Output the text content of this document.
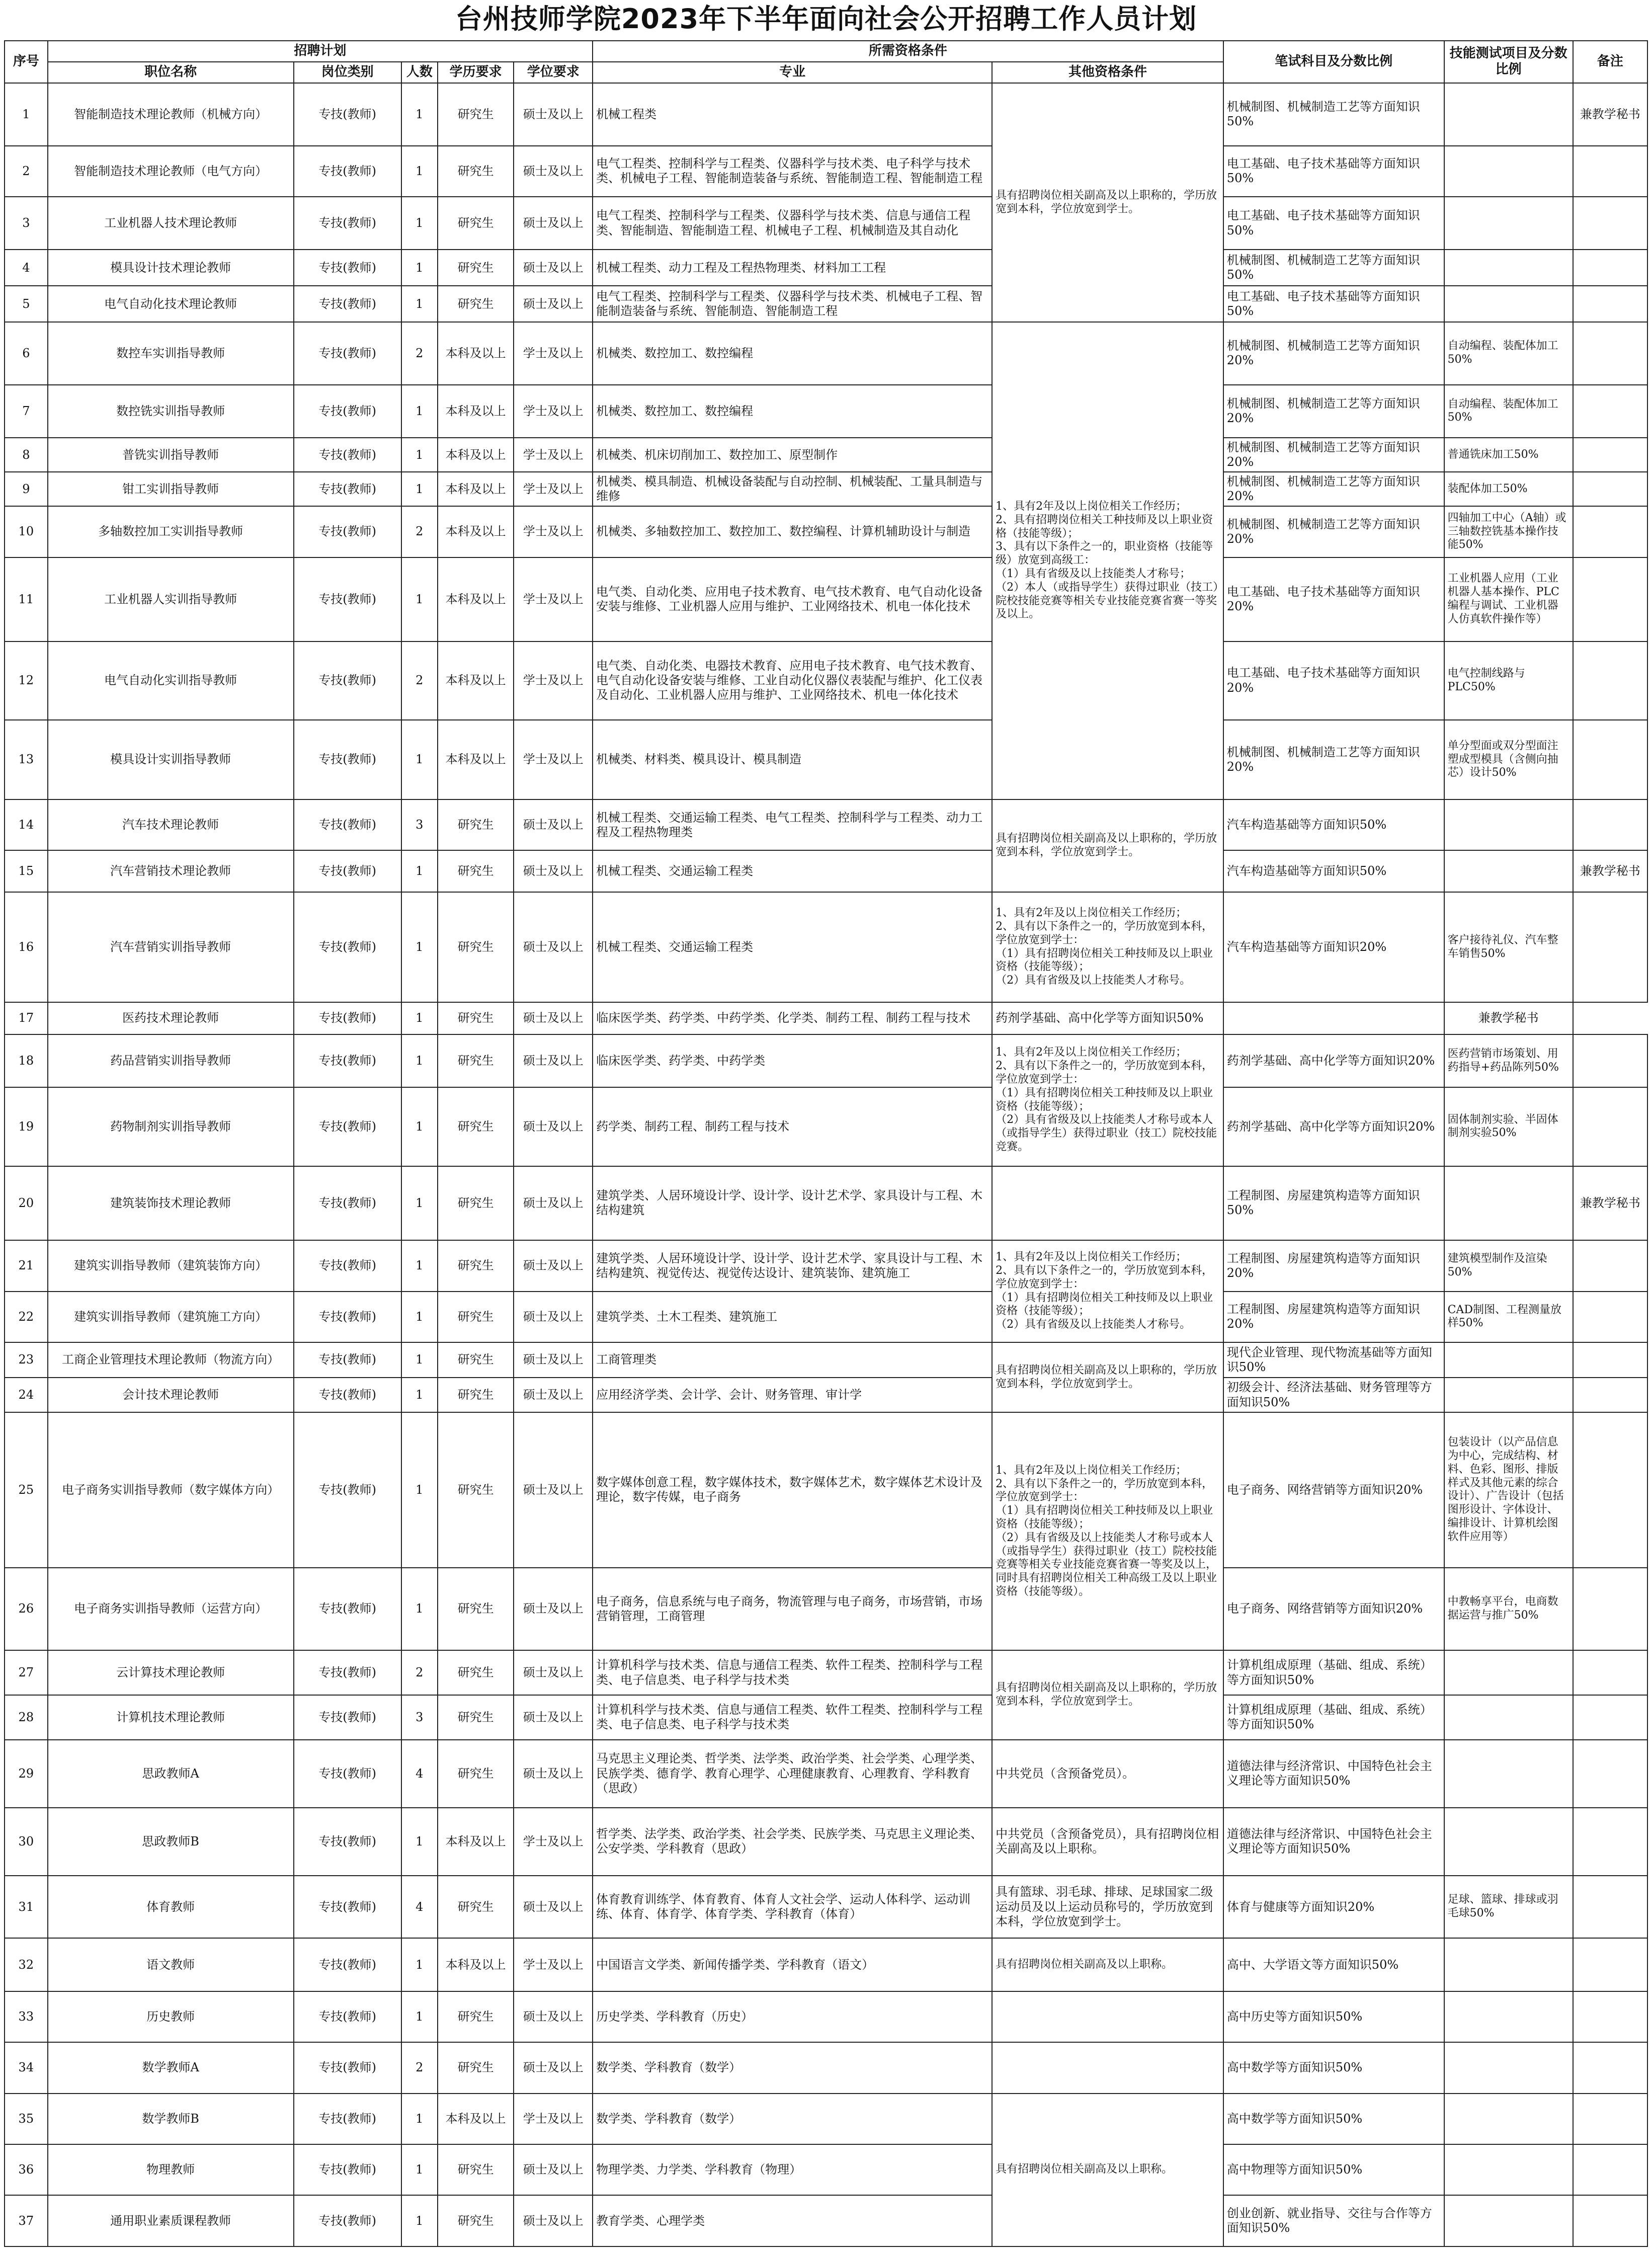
台州技师学院2023年下半年面向社会公开招聘工作人员计划
序号	招聘计划					所需资格条件		笔试科目及分数比例	技能测试项目及分数比例	备注
	职位名称	岗位类别	人数	学历要求	学位要求	专业	其他资格条件			
1	智能制造技术理论教师（机械方向）	专技(教师)	1	研究生	硕士及以上	机械工程类	具有招聘岗位相关副高及以上职称的，学历放宽到本科，学位放宽到学士。	机械制图、机械制造工艺等方面知识50%		兼教学秘书
2	智能制造技术理论教师（电气方向）	专技(教师)	1	研究生	硕士及以上	电气工程类、控制科学与工程类、仪器科学与技术类、电子科学与技术类、机械电子工程、智能制造装备与系统、智能制造工程、智能制造工程		电工基础、电子技术基础等方面知识50%		
3	工业机器人技术理论教师	专技(教师)	1	研究生	硕士及以上	电气工程类、控制科学与工程类、仪器科学与技术类、信息与通信工程类、智能制造、智能制造工程、机械电子工程、机械制造及其自动化		电工基础、电子技术基础等方面知识50%		
4	模具设计技术理论教师	专技(教师)	1	研究生	硕士及以上	机械工程类、动力工程及工程热物理类、材料加工工程		机械制图、机械制造工艺等方面知识50%		
5	电气自动化技术理论教师	专技(教师)	1	研究生	硕士及以上	电气工程类、控制科学与工程类、仪器科学与技术类、机械电子工程、智能制造装备与系统、智能制造、智能制造工程		电工基础、电子技术基础等方面知识50%		
6	数控车实训指导教师	专技(教师)	2	本科及以上	学士及以上	机械类、数控加工、数控编程	1、具有2年及以上岗位相关工作经历；
2、具有招聘岗位相关工种技师及以上职业资格（技能等级）；
3、具有以下条件之一的，职业资格（技能等级）放宽到高级工：
（1）具有省级及以上技能类人才称号；
（2）本人（或指导学生）获得过职业（技工）院校技能竞赛等相关专业技能竞赛省赛一等奖及以上。	机械制图、机械制造工艺等方面知识20%	自动编程、装配体加工50%	
7	数控铣实训指导教师	专技(教师)	1	本科及以上	学士及以上	机械类、数控加工、数控编程		机械制图、机械制造工艺等方面知识20%	自动编程、装配体加工50%	
8	普铣实训指导教师	专技(教师)	1	本科及以上	学士及以上	机械类、机床切削加工、数控加工、原型制作		机械制图、机械制造工艺等方面知识20%	普通铣床加工50%	
9	钳工实训指导教师	专技(教师)	1	本科及以上	学士及以上	机械类、模具制造、机械设备装配与自动控制、机械装配、工量具制造与维修		机械制图、机械制造工艺等方面知识20%	装配体加工50%	
10	多轴数控加工实训指导教师	专技(教师)	2	本科及以上	学士及以上	机械类、多轴数控加工、数控加工、数控编程、计算机辅助设计与制造		机械制图、机械制造工艺等方面知识20%	四轴加工中心（A轴）或三轴数控铣基本操作技能50%	
11	工业机器人实训指导教师	专技(教师)	1	本科及以上	学士及以上	电气类、自动化类、应用电子技术教育、电气技术教育、电气自动化设备安装与维修、工业机器人应用与维护、工业网络技术、机电一体化技术		电工基础、电子技术基础等方面知识20%	工业机器人应用（工业机器人基本操作、PLC编程与调试、工业机器人仿真软件操作等）	
12	电气自动化实训指导教师	专技(教师)	2	本科及以上	学士及以上	电气类、自动化类、电器技术教育、应用电子技术教育、电气技术教育、电气自动化设备安装与维修、工业自动化仪器仪表装配与维护、化工仪表及自动化、工业机器人应用与维护、工业网络技术、机电一体化技术		电工基础、电子技术基础等方面知识20%	电气控制线路与PLC50%	
13	模具设计实训指导教师	专技(教师)	1	本科及以上	学士及以上	机械类、材料类、模具设计、模具制造		机械制图、机械制造工艺等方面知识20%	单分型面或双分型面注塑成型模具（含侧向抽芯）设计50%	
14	汽车技术理论教师	专技(教师)	3	研究生	硕士及以上	机械工程类、交通运输工程类、电气工程类、控制科学与工程类、动力工程及工程热物理类	具有招聘岗位相关副高及以上职称的，学历放宽到本科，学位放宽到学士。	汽车构造基础等方面知识50%		
15	汽车营销技术理论教师	专技(教师)	1	研究生	硕士及以上	机械工程类、交通运输工程类		汽车构造基础等方面知识50%		兼教学秘书
16	汽车营销实训指导教师	专技(教师)	1	研究生	硕士及以上	机械工程类、交通运输工程类	1、具有2年及以上岗位相关工作经历；
2、具有以下条件之一的，学历放宽到本科，学位放宽到学士：
（1）具有招聘岗位相关工种技师及以上职业资格（技能等级）；
（2）具有省级及以上技能类人才称号。	汽车构造基础等方面知识20%	客户接待礼仪、汽车整车销售50%	
17	医药技术理论教师	专技(教师)	1	研究生	硕士及以上	临床医学类、药学类、中药学类、化学类、制药工程、制药工程与技术	药剂学基础、高中化学等方面知识50%		兼教学秘书	
18	药品营销实训指导教师	专技(教师)	1	研究生	硕士及以上	临床医学类、药学类、中药学类	1、具有2年及以上岗位相关工作经历；
2、具有以下条件之一的，学历放宽到本科，学位放宽到学士：
（1）具有招聘岗位相关工种技师及以上职业资格（技能等级）；
（2）具有省级及以上技能类人才称号或本人（或指导学生）获得过职业（技工）院校技能竞赛。	药剂学基础、高中化学等方面知识20%	医药营销市场策划、用药指导+药品陈列50%	
19	药物制剂实训指导教师	专技(教师)	1	研究生	硕士及以上	药学类、制药工程、制药工程与技术		药剂学基础、高中化学等方面知识20%	固体制剂实验、半固体制剂实验50%	
20	建筑装饰技术理论教师	专技(教师)	1	研究生	硕士及以上	建筑学类、人居环境设计学、设计学、设计艺术学、家具设计与工程、木结构建筑		工程制图、房屋建筑构造等方面知识50%		兼教学秘书
21	建筑实训指导教师（建筑装饰方向）	专技(教师)	1	研究生	硕士及以上	建筑学类、人居环境设计学、设计学、设计艺术学、家具设计与工程、木结构建筑、视觉传达、视觉传达设计、建筑装饰、建筑施工	1、具有2年及以上岗位相关工作经历；
2、具有以下条件之一的，学历放宽到本科，学位放宽到学士：
（1）具有招聘岗位相关工种技师及以上职业资格（技能等级）；
（2）具有省级及以上技能类人才称号。	工程制图、房屋建筑构造等方面知识20%	建筑模型制作及渲染50%	
22	建筑实训指导教师（建筑施工方向）	专技(教师)	1	研究生	硕士及以上	建筑学类、土木工程类、建筑施工		工程制图、房屋建筑构造等方面知识20%	CAD制图、工程测量放样50%	
23	工商企业管理技术理论教师（物流方向）	专技(教师)	1	研究生	硕士及以上	工商管理类	具有招聘岗位相关副高及以上职称的，学历放宽到本科，学位放宽到学士。	现代企业管理、现代物流基础等方面知识50%		
24	会计技术理论教师	专技(教师)	1	研究生	硕士及以上	应用经济学类、会计学、会计、财务管理、审计学		初级会计、经济法基础、财务管理等方面知识50%		
25	电子商务实训指导教师（数字媒体方向）	专技(教师)	1	研究生	硕士及以上	数字媒体创意工程，数字媒体技术，数字媒体艺术，数字媒体艺术设计及理论，数字传媒，电子商务	1、具有2年及以上岗位相关工作经历；
2、具有以下条件之一的，学历放宽到本科，学位放宽到学士：
（1）具有招聘岗位相关工种技师及以上职业资格（技能等级）；
（2）具有省级及以上技能类人才称号或本人（或指导学生）获得过职业（技工）院校技能竞赛等相关专业技能竞赛省赛一等奖及以上，同时具有招聘岗位相关工种高级工及以上职业资格（技能等级）。	电子商务、网络营销等方面知识20%	包装设计（以产品信息为中心，完成结构、材料、色彩、图形、排版样式及其他元素的综合设计）、广告设计（包括图形设计、字体设计、编排设计、计算机绘图软件应用等）	
26	电子商务实训指导教师（运营方向）	专技(教师)	1	研究生	硕士及以上	电子商务，信息系统与电子商务，物流管理与电子商务，市场营销，市场营销管理，工商管理		电子商务、网络营销等方面知识20%	中教畅享平台，电商数据运营与推广50%	
27	云计算技术理论教师	专技(教师)	2	研究生	硕士及以上	计算机科学与技术类、信息与通信工程类、软件工程类、控制科学与工程类、电子信息类、电子科学与技术类	具有招聘岗位相关副高及以上职称的，学历放宽到本科，学位放宽到学士。	计算机组成原理（基础、组成、系统）等方面知识50%		
28	计算机技术理论教师	专技(教师)	3	研究生	硕士及以上	计算机科学与技术类、信息与通信工程类、软件工程类、控制科学与工程类、电子信息类、电子科学与技术类		计算机组成原理（基础、组成、系统）等方面知识50%		
29	思政教师A	专技(教师)	4	研究生	硕士及以上	马克思主义理论类、哲学类、法学类、政治学类、社会学类、心理学类、民族学类、德育学、教育心理学、心理健康教育、心理教育、学科教育（思政）	中共党员（含预备党员）。	道德法律与经济常识、中国特色社会主义理论等方面知识50%		
30	思政教师B	专技(教师)	1	本科及以上	学士及以上	哲学类、法学类、政治学类、社会学类、民族学类、马克思主义理论类、公安学类、学科教育（思政）	中共党员（含预备党员），具有招聘岗位相关副高及以上职称。	道德法律与经济常识、中国特色社会主义理论等方面知识50%		
31	体育教师	专技(教师)	4	研究生	硕士及以上	体育教育训练学、体育教育、体育人文社会学、运动人体科学、运动训练、体育、体育学、体育学类、学科教育（体育）	具有篮球、羽毛球、排球、足球国家二级运动员及以上运动员称号的，学历放宽到本科，学位放宽到学士。	体育与健康等方面知识20%	足球、篮球、排球或羽毛球50%	
32	语文教师	专技(教师)	1	本科及以上	学士及以上	中国语言文学类、新闻传播学类、学科教育（语文）	具有招聘岗位相关副高及以上职称。	高中、大学语文等方面知识50%		
33	历史教师	专技(教师)	1	研究生	硕士及以上	历史学类、学科教育（历史）		高中历史等方面知识50%		
34	数学教师A	专技(教师)	2	研究生	硕士及以上	数学类、学科教育（数学）		高中数学等方面知识50%		
35	数学教师B	专技(教师)	1	本科及以上	学士及以上	数学类、学科教育（数学）	具有招聘岗位相关副高及以上职称。	高中数学等方面知识50%		
36	物理教师	专技(教师)	1	研究生	硕士及以上	物理学类、力学类、学科教育（物理）		高中物理等方面知识50%		
37	通用职业素质课程教师	专技(教师)	1	研究生	硕士及以上	教育学类、心理学类		创业创新、就业指导、交往与合作等方面知识50%		
